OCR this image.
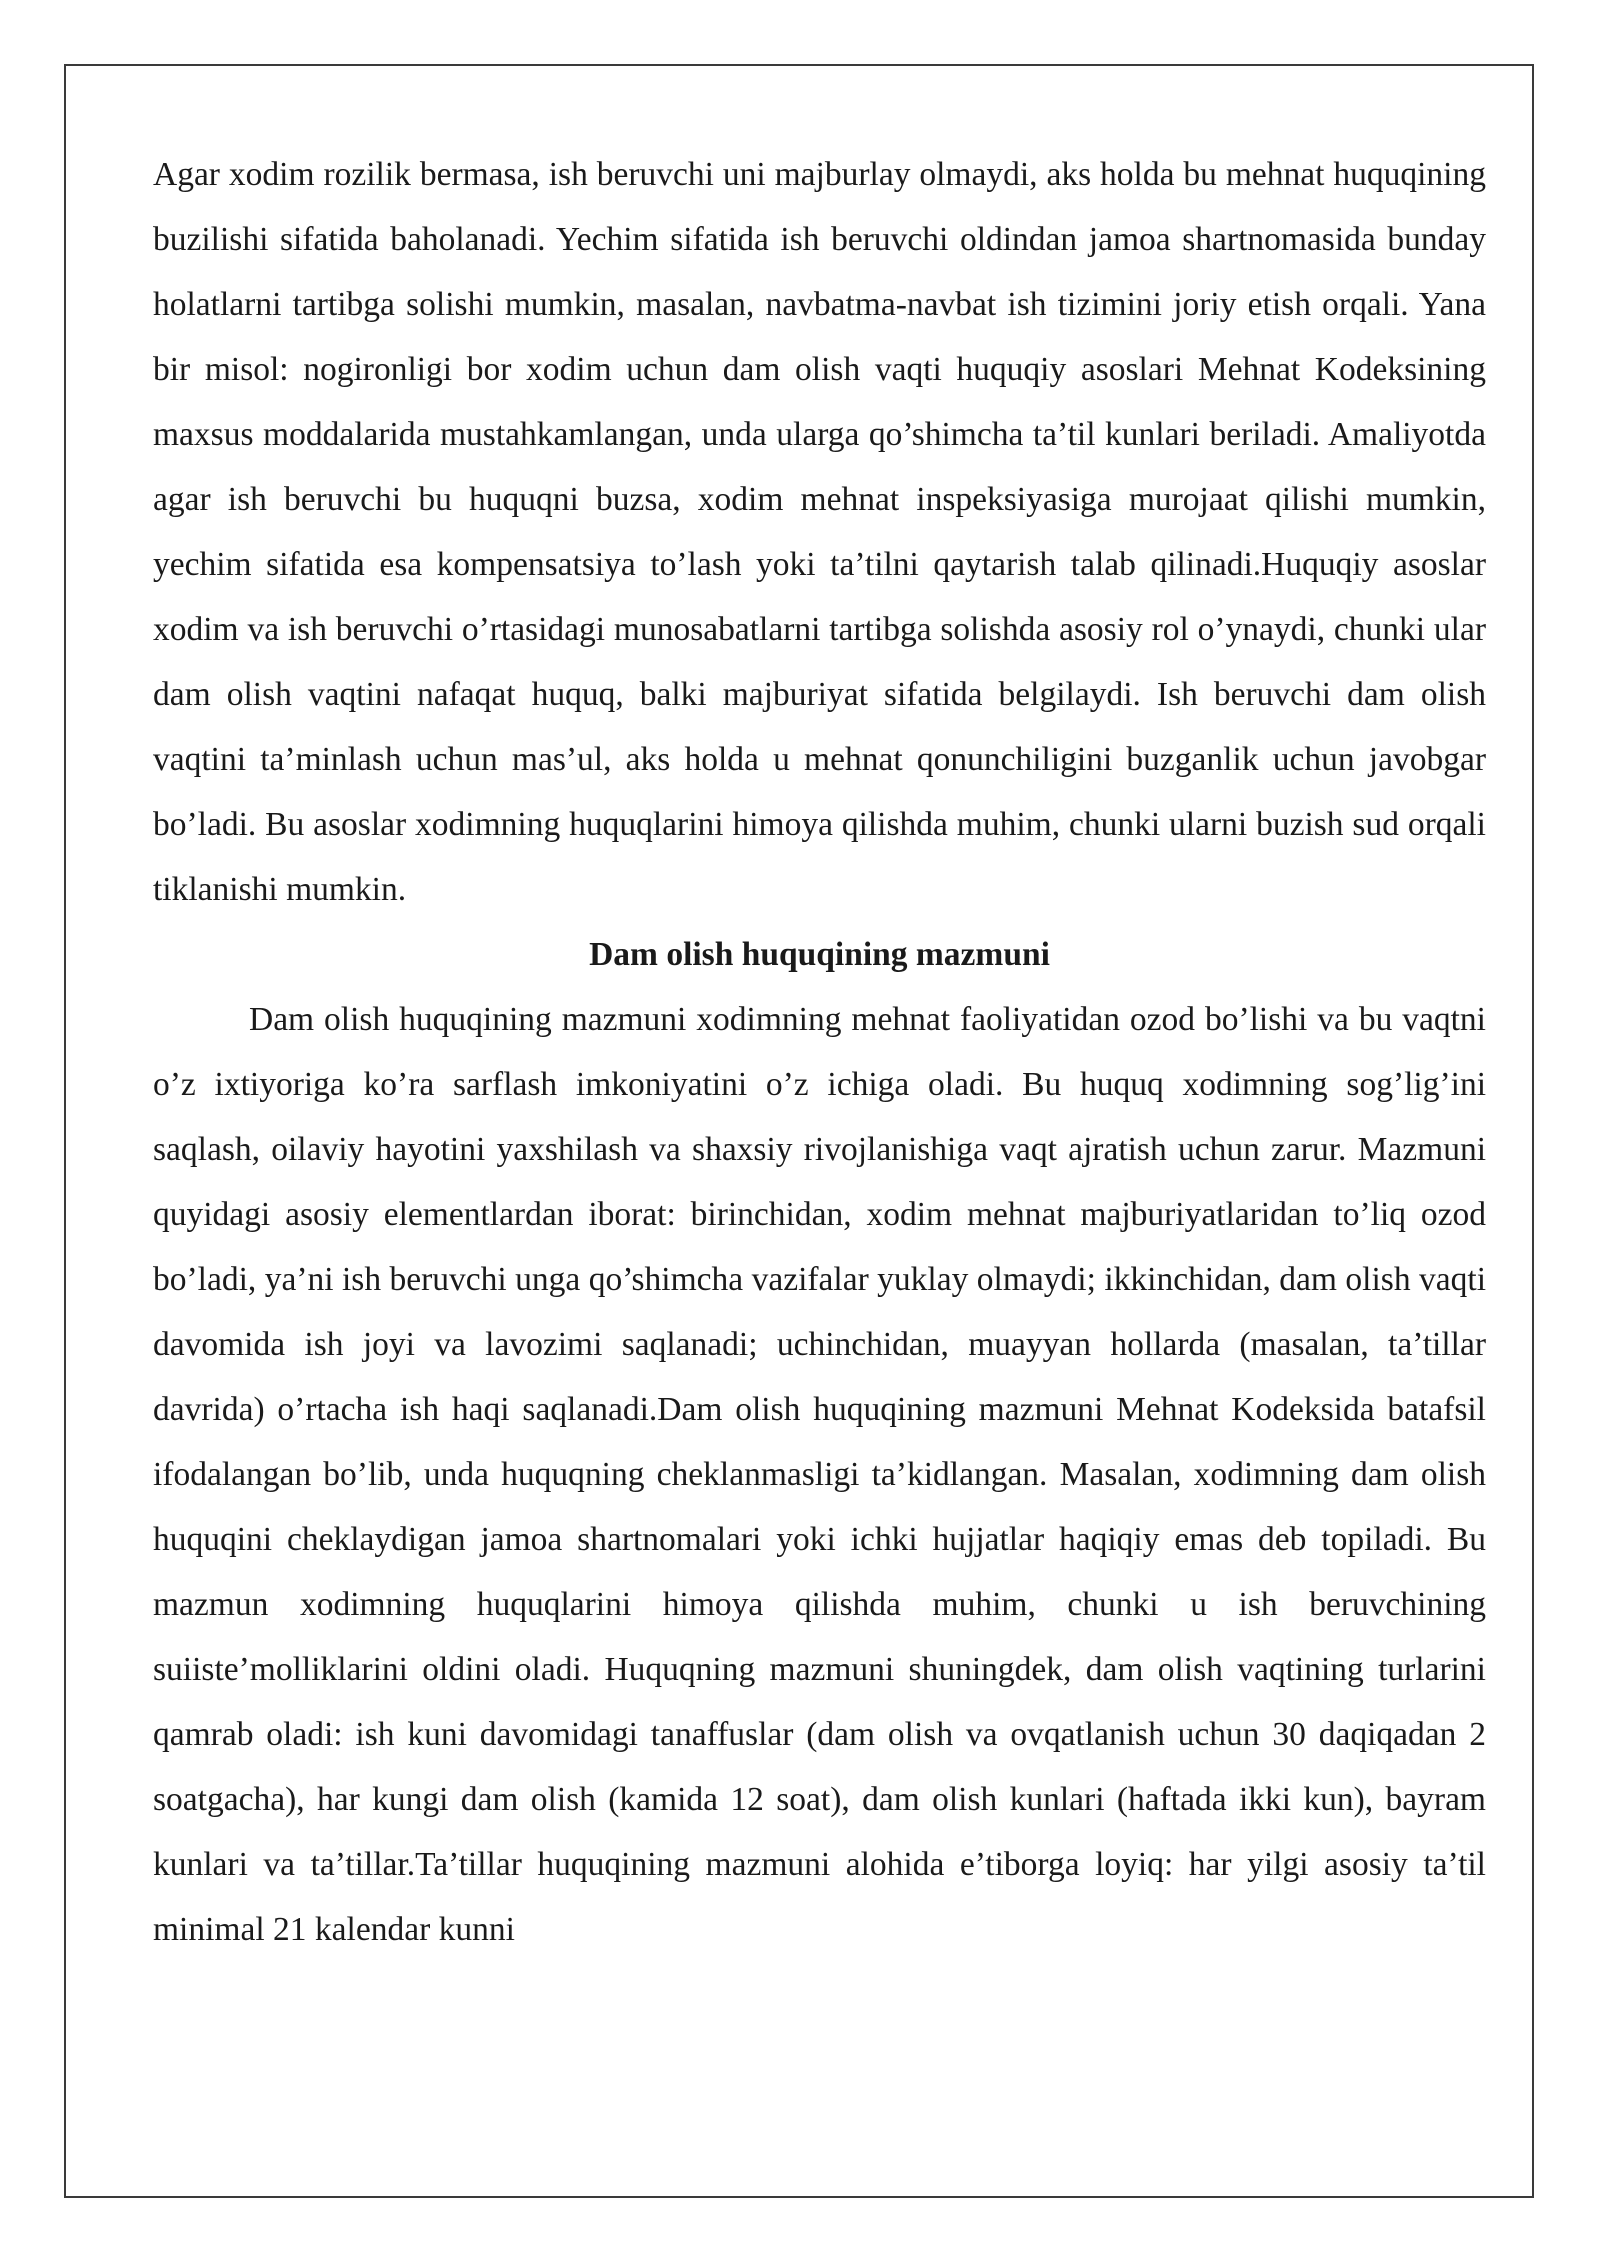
Agar xodim rozilik bermasa, ish beruvchi uni majburlay olmaydi, aks holda bu mehnat huquqining buzilishi sifatida baholanadi. Yechim sifatida ish beruvchi oldindan jamoa shartnomasida bunday holatlarni tartibga solishi mumkin, masalan, navbatma-navbat ish tizimini joriy etish orqali. Yana bir misol: nogironligi bor xodim uchun dam olish vaqti huquqiy asoslari Mehnat Kodeksining maxsus moddalarida mustahkamlangan, unda ularga qo’shimcha ta’til kunlari beriladi. Amaliyotda agar ish beruvchi bu huquqni buzsa, xodim mehnat inspeksiyasiga murojaat qilishi mumkin, yechim sifatida esa kompensatsiya to’lash yoki ta’tilni qaytarish talab qilinadi.Huquqiy asoslar xodim va ish beruvchi o’rtasidagi munosabatlarni tartibga solishda asosiy rol o’ynaydi, chunki ular dam olish vaqtini nafaqat huquq, balki majburiyat sifatida belgilaydi. Ish beruvchi dam olish vaqtini ta’minlash uchun mas’ul, aks holda u mehnat qonunchiligini buzganlik uchun javobgar bo’ladi. Bu asoslar xodimning huquqlarini himoya qilishda muhim, chunki ularni buzish sud orqali tiklanishi mumkin.

Dam olish huquqining mazmuni

Dam olish huquqining mazmuni xodimning mehnat faoliyatidan ozod bo’lishi va bu vaqtni o’z ixtiyoriga ko’ra sarflash imkoniyatini o’z ichiga oladi. Bu huquq xodimning sog’lig’ini saqlash, oilaviy hayotini yaxshilash va shaxsiy rivojlanishiga vaqt ajratish uchun zarur. Mazmuni quyidagi asosiy elementlardan iborat: birinchidan, xodim mehnat majburiyatlaridan to’liq ozod bo’ladi, ya’ni ish beruvchi unga qo’shimcha vazifalar yuklay olmaydi; ikkinchidan, dam olish vaqti davomida ish joyi va lavozimi saqlanadi; uchinchidan, muayyan hollarda (masalan, ta’tillar davrida) o’rtacha ish haqi saqlanadi.Dam olish huquqining mazmuni Mehnat Kodeksida batafsil ifodalangan bo’lib, unda huquqning cheklanmasligi ta’kidlangan. Masalan, xodimning dam olish huquqini cheklaydigan jamoa shartnomalari yoki ichki hujjatlar haqiqiy emas deb topiladi. Bu mazmun xodimning huquqlarini himoya qilishda muhim, chunki u ish beruvchining suiiste’molliklarini oldini oladi. Huquqning mazmuni shuningdek, dam olish vaqtining turlarini qamrab oladi: ish kuni davomidagi tanaffuslar (dam olish va ovqatlanish uchun 30 daqiqadan 2 soatgacha), har kungi dam olish (kamida 12 soat), dam olish kunlari (haftada ikki kun), bayram kunlari va ta’tillar.Ta’tillar huquqining mazmuni alohida e’tiborga loyiq: har yilgi asosiy ta’til minimal 21 kalendar kunni
